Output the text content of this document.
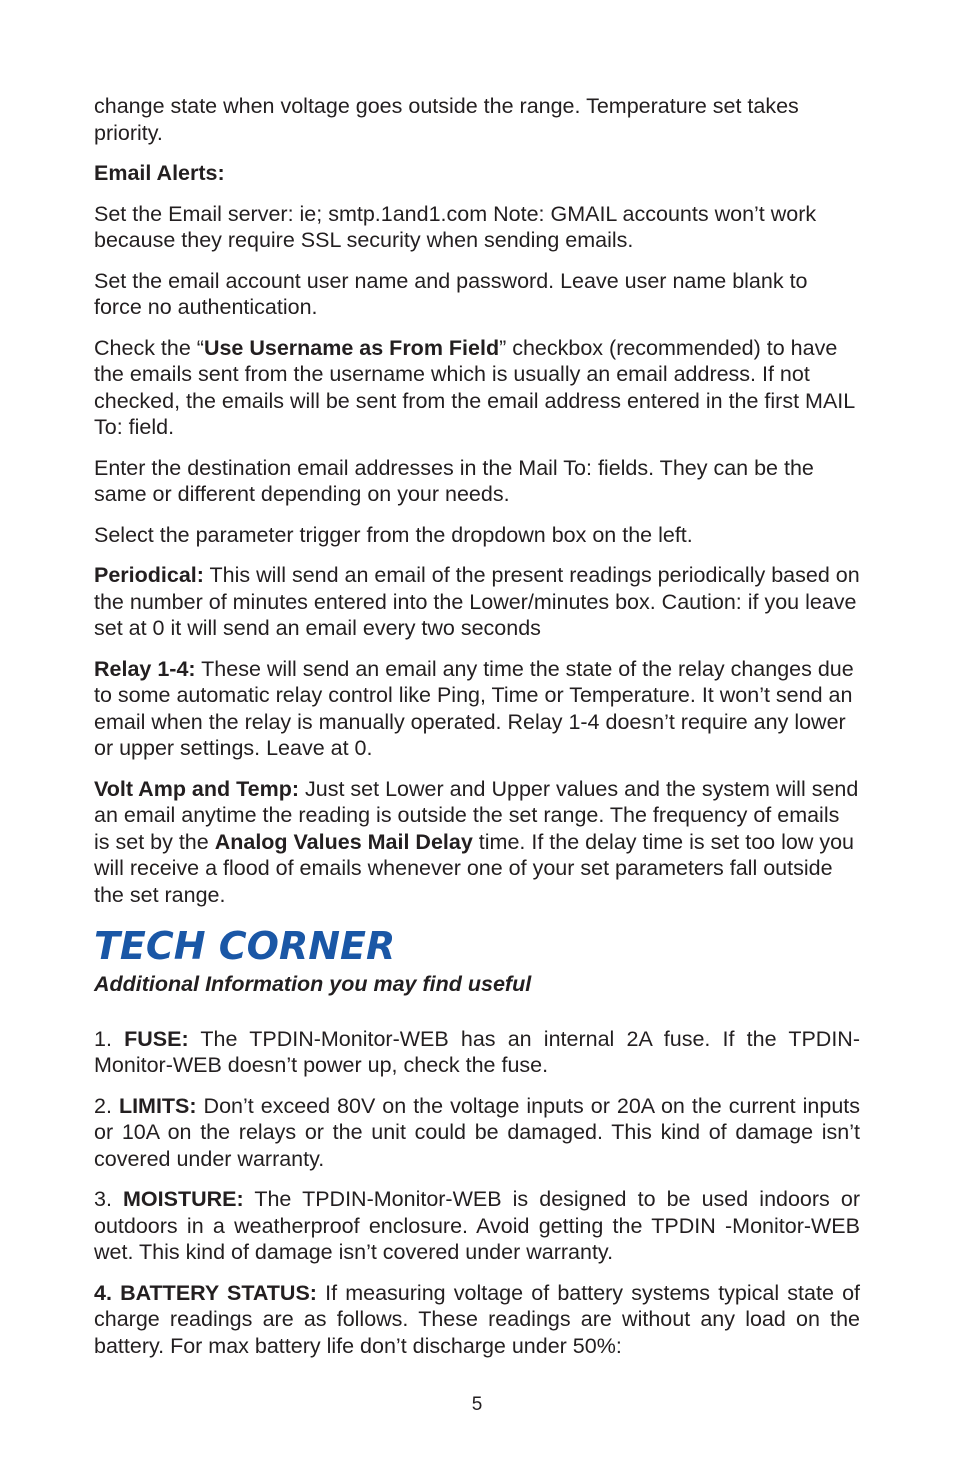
change state when voltage goes outside the range. Temperature set takes priority.

Email Alerts:

Set the Email server: ie; smtp.1and1.com Note: GMAIL accounts won’t work because they require SSL security when sending emails.

Set the email account user name and password. Leave user name blank to force no authentication.

Check the “Use Username as From Field” checkbox (recommended) to have the emails sent from the username which is usually an email address. If not checked, the emails will be sent from the email address entered in the first MAIL To: field.

Enter the destination email addresses in the Mail To: fields. They can be the same or different depending on your needs.

Select the parameter trigger from the dropdown box on the left.

Periodical: This will send an email of the present readings periodically based on the number of minutes entered into the Lower/minutes box. Caution: if you leave set at 0 it will send an email every two seconds

Relay 1-4: These will send an email any time the state of the relay changes due to some automatic relay control like Ping, Time or Temperature. It won’t send an email when the relay is manually operated. Relay 1-4 doesn’t require any lower or upper settings. Leave at 0.

Volt Amp and Temp: Just set Lower and Upper values and the system will send an email anytime the reading is outside the set range. The frequency of emails is set by the Analog Values Mail Delay time. If the delay time is set too low you will receive a flood of emails whenever one of your set parameters fall outside the set range.

TECH CORNER

Additional Information you may find useful

1. FUSE: The TPDIN-Monitor-WEB has an internal 2A fuse. If the TPDIN-Monitor-WEB doesn’t power up, check the fuse.

2. LIMITS: Don’t exceed 80V on the voltage inputs or 20A on the current inputs or 10A on the relays or the unit could be damaged. This kind of damage isn’t covered under warranty.

3. MOISTURE: The TPDIN-Monitor-WEB is designed to be used indoors or outdoors in a weatherproof enclosure. Avoid getting the TPDIN -Monitor-WEB wet. This kind of damage isn’t covered under warranty.

4. BATTERY STATUS: If measuring voltage of battery systems typical state of charge readings are as follows. These readings are without any load on the battery. For max battery life don’t discharge under 50%:

5
